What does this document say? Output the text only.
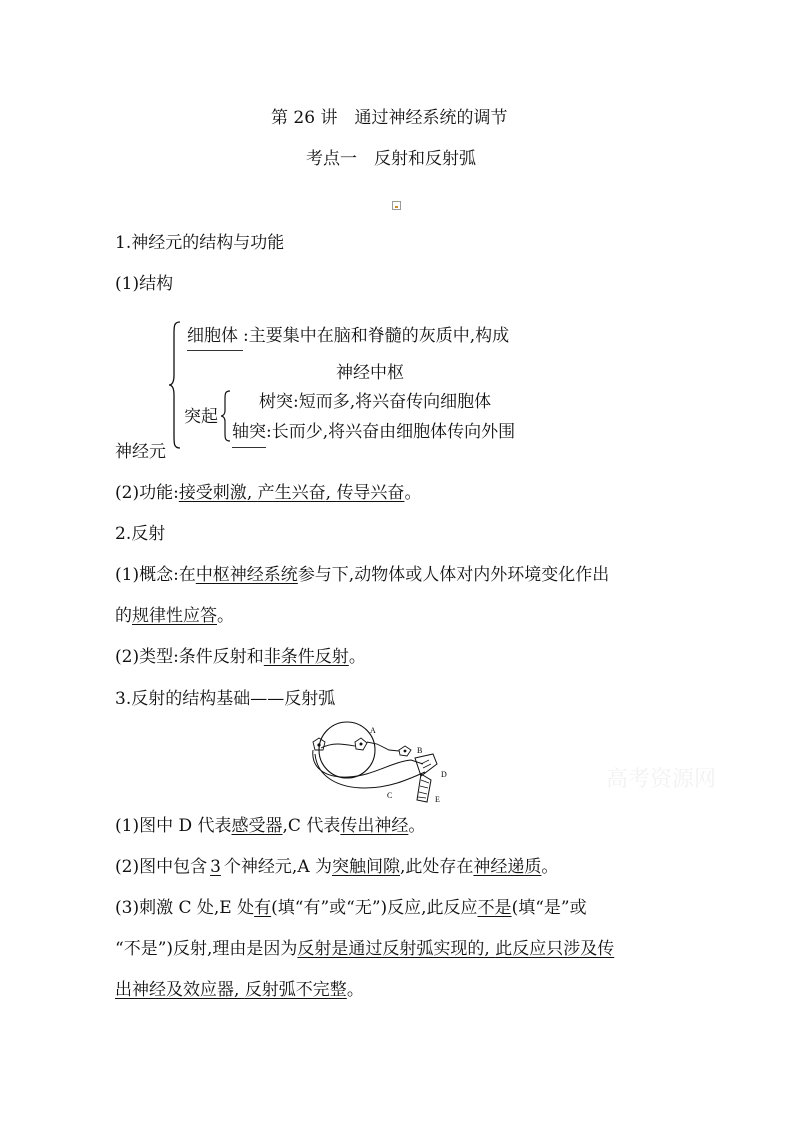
第 26 讲　通过神经系统的调节
考点一　反射和反射弧
1.神经元的结构与功能
(1)结构
神经元
细胞体 :主要集中在脑和脊髓的灰质中,构成
神经中枢
突起
树突 :短而多,将兴奋传向细胞体
轴突 :长而少,将兴奋由细胞体传向外围
(2)功能:接受刺激, 产生兴奋, 传导兴奋。
2.反射
(1)概念:在中枢神经系统参与下,动物体或人体对内外环境变化作出
的规律性应答。
(2)类型:条件反射和非条件反射。
3.反射的结构基础——反射弧
A
B
C
D
E
高考资源网
(1)图中 D 代表感受器,C 代表传出神经。
(2)图中包含 3 个神经元,A 为突触间隙,此处存在神经递质。
(3)刺激 C 处,E 处有(填“有”或“无”)反应,此反应不是(填“是”或
“不是”)反射,理由是因为反射是通过反射弧实现的, 此反应只涉及传
出神经及效应器, 反射弧不完整。
